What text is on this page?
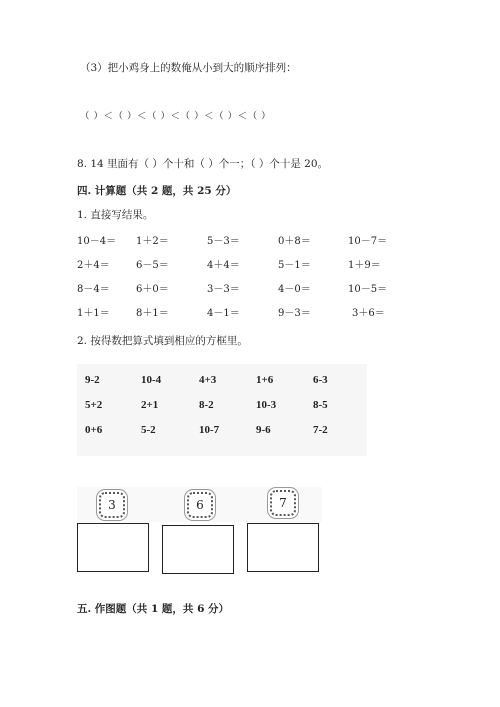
（3）把小鸡身上的数俺从小到大的顺序排列：
（ ）＜（ ）＜（ ）＜（ ）＜（ ）＜（ ）
8. 14 里面有（ ）个十和（ ）个一；（ ）个十是 20。
四. 计算题（共 2 题，共 25 分）
1. 直接写结果。
10－4＝ 1＋2＝	5－3＝	0＋8＝	10－7＝
2＋4＝	6－5＝	4＋4＝	5－1＝	1＋9＝
8－4＝	6＋0＝	3－3＝	4－0＝	10－5＝
1＋1＝	8＋1＝	4－1＝	9－3＝	3＋6＝
2. 按得数把算式填到相应的方框里。
9-2	10-4	4+3	1+6	6-3
5+2	2+1	8-2	10-3	8-5
0+6	5-2	10-7	9-6	7-2
3	6	7
五. 作图题（共 1 题，共 6 分）
